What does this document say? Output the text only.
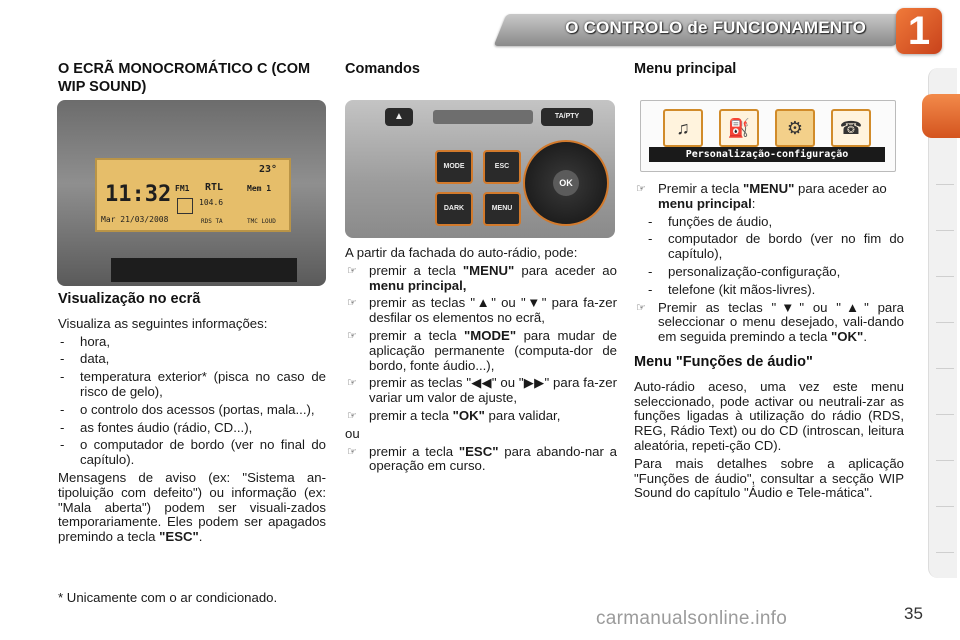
O CONTROLO de FUNCIONAMENTO 1
O ECRÃ MONOCROMÁTICO C (COM WIP SOUND)
23°
11:32 FM1 RTL	Mem 1
104.6
Mar 21/03/2008	RDS TA	TMC LOUD
Visualização no ecrã

Visualiza as seguintes informações:

- hora,
- data,
- temperatura exterior* (pisca no caso de risco de gelo),
- o controlo dos acessos (portas, mala...),
- as fontes áudio (rádio, CD...),
- o computador de bordo (ver no final do capítulo).

Mensagens de aviso (ex: "Sistema an-tipoluição com defeito") ou informação (ex: "Mala aberta") podem ser visuali-zados temporariamente. Eles podem ser apagados premindo a tecla "ESC".

* Unicamente com o ar condicionado.
Comandos
▲	TA/PTY
MODE
DARK
ESC
MENU
OK

A partir da fachada do auto-rádio, pode:

☞ premir a tecla "MENU" para aceder ao menu principal,
☞ premir as teclas "▲" ou "▼" para fa-zer desfilar os elementos no ecrã,
☞ premir a tecla "MODE" para mudar de aplicação permanente (computa-dor de bordo, fonte áudio...),
☞ premir as teclas "◀◀" ou "▶▶" para fa-zer variar um valor de ajuste,
☞ premir a tecla "OK" para validar,

ou

☞ premir a tecla "ESC" para abando-nar a operação em curso.
Menu principal
♫	⛽	⚙	☎
Personalização-configuração
☞ Premir a tecla "MENU" para aceder ao menu principal:
- funções de áudio,
- computador de bordo (ver no fim do capítulo),
- personalização-configuração,
- telefone (kit mãos-livres).
☞ Premir as teclas "▼" ou "▲" para seleccionar o menu desejado, vali-dando em seguida premindo a tecla "OK".
Menu "Funções de áudio"

Auto-rádio aceso, uma vez este menu seleccionado, pode activar ou neutrali-zar as funções ligadas à utilização do rádio (RDS, REG, Rádio Text) ou do CD (introscan, leitura aleatória, repeti-ção CD).

Para mais detalhes sobre a aplicação "Funções de áudio", consultar a secção WIP Sound do capítulo "Áudio e Tele-mática".

35
carmanualsonline.info
